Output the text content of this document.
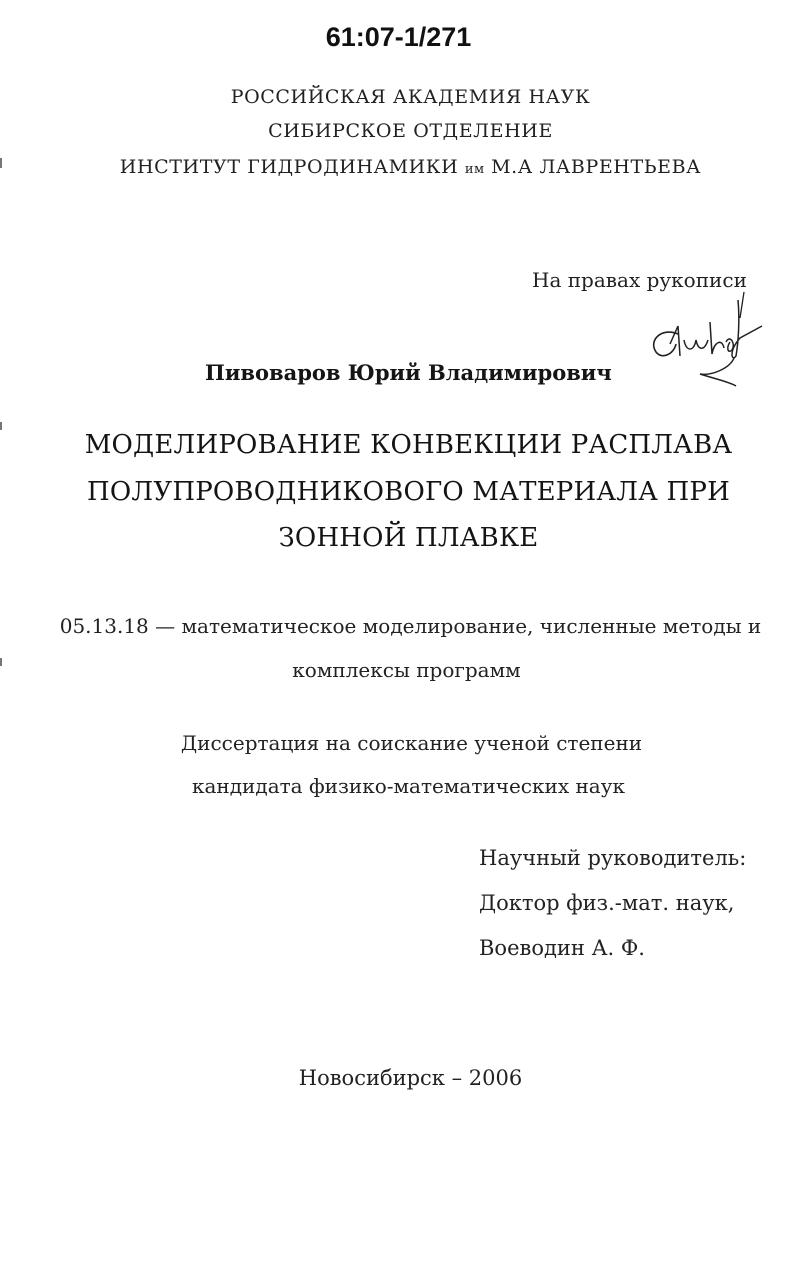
61:07-1/271
РОССИЙСКАЯ АКАДЕМИЯ НАУК
СИБИРСКОЕ ОТДЕЛЕНИЕ
ИНСТИТУТ ГИДРОДИНАМИКИ им М.А ЛАВРЕНТЬЕВА
На правах рукописи
Пивоваров Юрий Владимирович
МОДЕЛИРОВАНИЕ КОНВЕКЦИИ РАСПЛАВА
ПОЛУПРОВОДНИКОВОГО МАТЕРИАЛА ПРИ
ЗОННОЙ ПЛАВКЕ
05.13.18 — математическое моделирование, численные методы и
комплексы программ
Диссертация на соискание ученой степени
кандидата физико-математических наук
Научный руководитель:
Доктор физ.-мат. наук,
Воеводин А. Ф.
Новосибирск – 2006
